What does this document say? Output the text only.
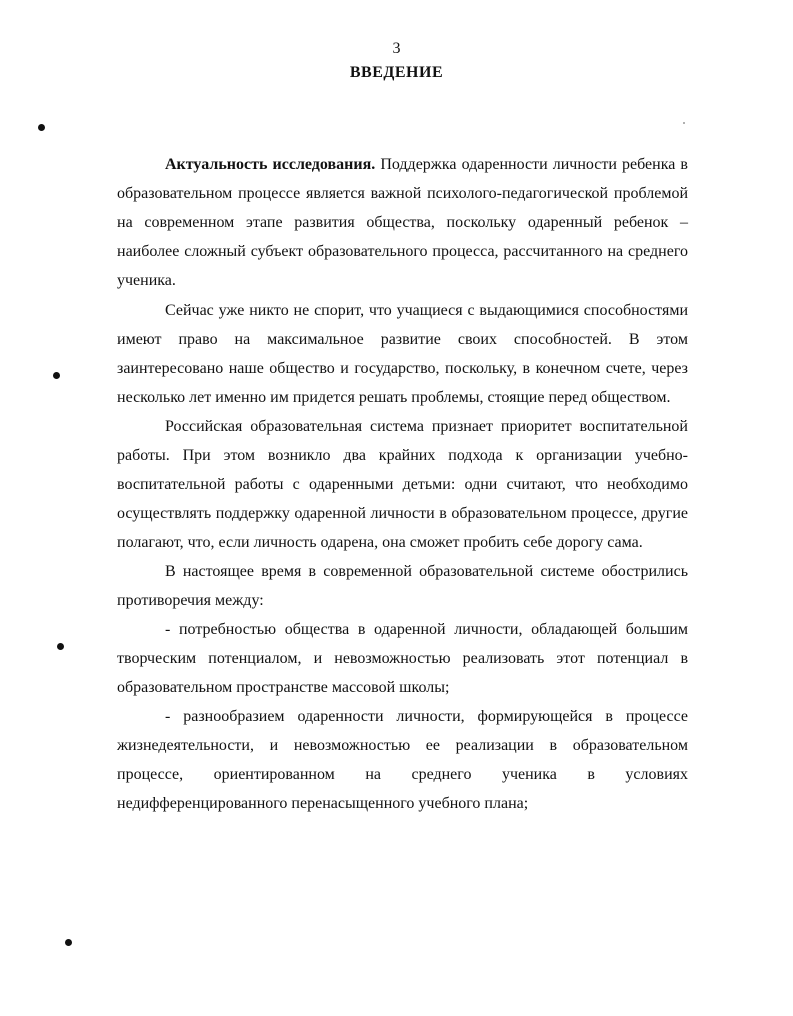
3
ВВЕДЕНИЕ

Актуальность исследования. Поддержка одаренности личности ребенка в образовательном процессе является важной психолого-педагогической проблемой на современном этапе развития общества, поскольку одаренный ребенок – наиболее сложный субъект образовательного процесса, рассчитанного на среднего ученика.

Сейчас уже никто не спорит, что учащиеся с выдающимися способностями имеют право на максимальное развитие своих способностей. В этом заинтересовано наше общество и государство, поскольку, в конечном счете, через несколько лет именно им придется решать проблемы, стоящие перед обществом.

Российская образовательная система признает приоритет воспитательной работы. При этом возникло два крайних подхода к организации учебно-воспитательной работы с одаренными детьми: одни считают, что необходимо осуществлять поддержку одаренной личности в образовательном процессе, другие полагают, что, если личность одарена, она сможет пробить себе дорогу сама.

В настоящее время в современной образовательной системе обострились противоречия между:

- потребностью общества в одаренной личности, обладающей большим творческим потенциалом, и невозможностью реализовать этот потенциал в образовательном пространстве массовой школы;

- разнообразием одаренности личности, формирующейся в процессе жизнедеятельности, и невозможностью ее реализации в образовательном процессе, ориентированном на среднего ученика в условиях недифференцированного перенасыщенного учебного плана;
